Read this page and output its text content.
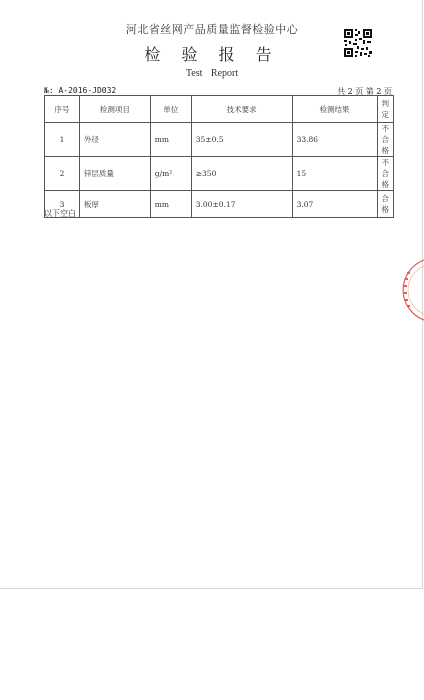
河北省丝网产品质量监督检验中心
检 验 报 告
Test Report
№: A-2016-JD032	共 2 页 第 2 页
序号	检测项目	单位	技术要求	检测结果	判定
1	外径	mm	35±0.5	33.86	不合格
2	锌层质量	g/m²	≥350	15	不合格
3	板厚	mm	3.00±0.17	3.07	合格
以下空白
